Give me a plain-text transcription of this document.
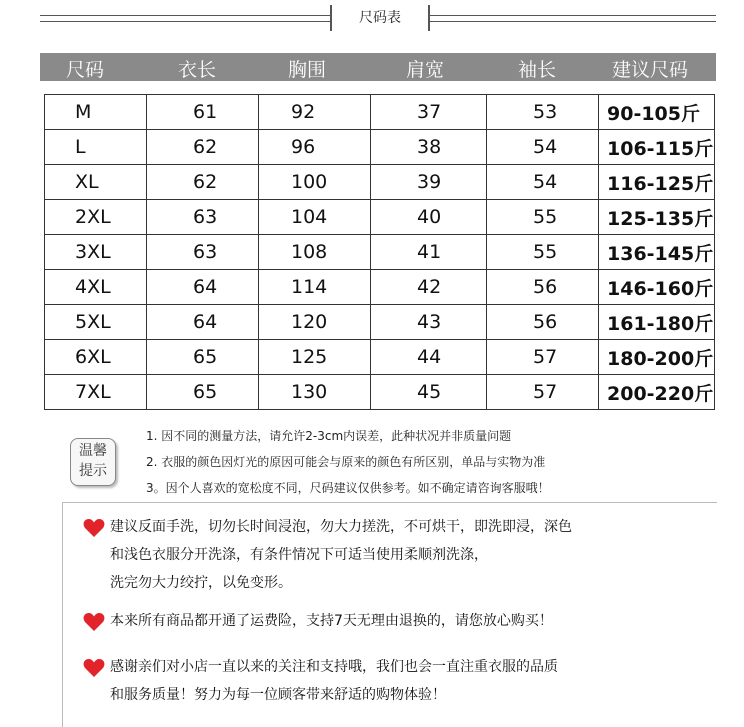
尺码表
尺码	衣长	胸围	肩宽	袖长	建议尺码
M	61	92	37	53	90-105斤
L	62	96	38	54	106-115斤
XL	62	100	39	54	116-125斤
2XL	63	104	40	55	125-135斤
3XL	63	108	41	55	136-145斤
4XL	64	114	42	56	146-160斤
5XL	64	120	43	56	161-180斤
6XL	65	125	44	57	180-200斤
7XL	65	130	45	57	200-220斤
温馨
提示
1. 因不同的测量方法，请允许2-3cm内误差，此种状况并非质量问题
2. 衣服的颜色因灯光的原因可能会与原来的颜色有所区别，单品与实物为准
3。因个人喜欢的宽松度不同，尺码建议仅供参考。如不确定请咨询客服哦！
建议反面手洗，切勿长时间浸泡，勿大力搓洗，不可烘干，即洗即浸，深色
和浅色衣服分开洗涤，有条件情况下可适当使用柔顺剂洗涤，
洗完勿大力绞拧，以免变形。
本来所有商品都开通了运费险，支持7天无理由退换的，请您放心购买！
感谢亲们对小店一直以来的关注和支持哦，我们也会一直注重衣服的品质
和服务质量！努力为每一位顾客带来舒适的购物体验！
